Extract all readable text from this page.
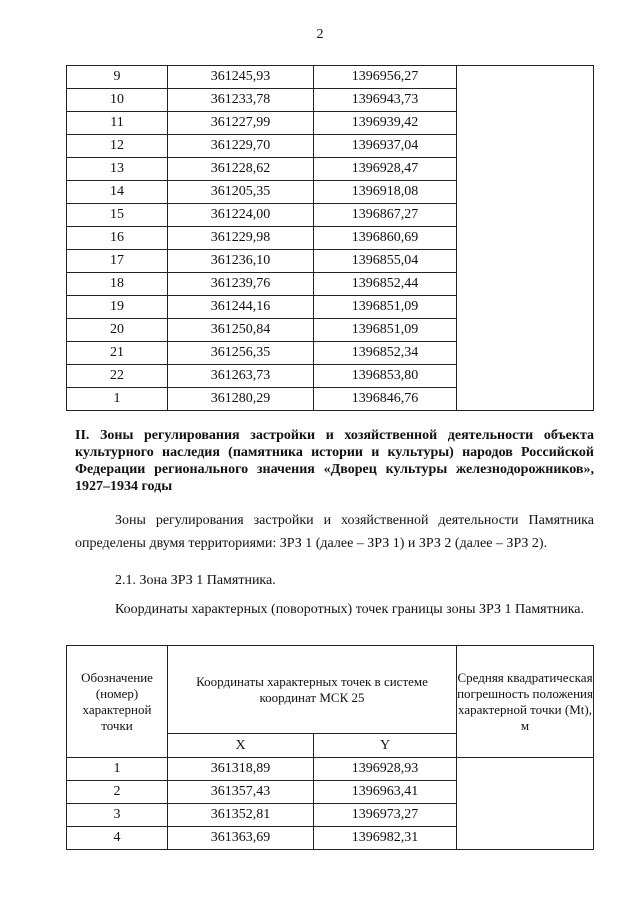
2
9	361245,93	1396956,27	
10	361233,78	1396943,73	
11	361227,99	1396939,42	
12	361229,70	1396937,04	
13	361228,62	1396928,47	
14	361205,35	1396918,08	
15	361224,00	1396867,27	
16	361229,98	1396860,69	
17	361236,10	1396855,04	
18	361239,76	1396852,44	
19	361244,16	1396851,09	
20	361250,84	1396851,09	
21	361256,35	1396852,34	
22	361263,73	1396853,80	
1	361280,29	1396846,76	

II. Зоны регулирования застройки и хозяйственной деятельности объекта культурного наследия (памятника истории и культуры) народов Российской Федерации регионального значения «Дворец культуры железнодорожников», 1927–1934 годы

Зоны регулирования застройки и хозяйственной деятельности Памятника определены двумя территориями: ЗРЗ 1 (далее – ЗРЗ 1) и ЗРЗ 2 (далее – ЗРЗ 2).

2.1. Зона ЗРЗ 1 Памятника.

Координаты характерных (поворотных) точек границы зоны ЗРЗ 1 Памятника.

Обозначение (номер) характерной точки	Координаты характерных точек в системе координат МСК 25		Средняя квадратическая погрешность положения характерной точки (Mt), м
	X	Y	
1	361318,89	1396928,93	
2	361357,43	1396963,41	
3	361352,81	1396973,27	
4	361363,69	1396982,31	
